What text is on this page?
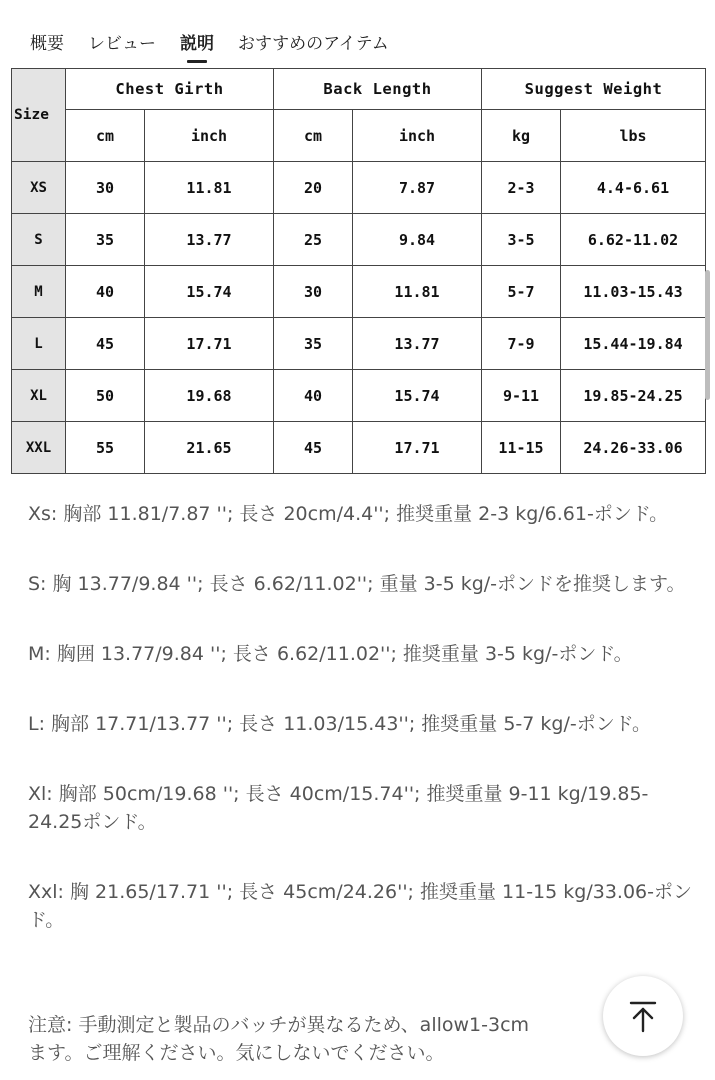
概要 レビュー 説明 おすすめのアイテム
Size	Chest Girth		Back Length		Suggest Weight	
	cm	inch	cm	inch	kg	lbs
XS	30	11.81	20	7.87	2-3	4.4-6.61
S	35	13.77	25	9.84	3-5	6.62-11.02
M	40	15.74	30	11.81	5-7	11.03-15.43
L	45	17.71	35	13.77	7-9	15.44-19.84
XL	50	19.68	40	15.74	9-11	19.85-24.25
XXL	55	21.65	45	17.71	11-15	24.26-33.06

Xs: 胸部 11.81/7.87 ''; 長さ 20cm/4.4''; 推奨重量 2-3 kg/6.61-ポンド。

S: 胸 13.77/9.84 ''; 長さ 6.62/11.02''; 重量 3-5 kg/-ポンドを推奨します。

M: 胸囲 13.77/9.84 ''; 長さ 6.62/11.02''; 推奨重量 3-5 kg/-ポンド。

L: 胸部 17.71/13.77 ''; 長さ 11.03/15.43''; 推奨重量 5-7 kg/-ポンド。

Xl: 胸部 50cm/19.68 ''; 長さ 40cm/15.74''; 推奨重量 9-11 kg/19.85-24.25ポンド。

Xxl: 胸 21.65/17.71 ''; 長さ 45cm/24.26''; 推奨重量 11-15 kg/33.06-ポンド。

注意: 手動測定と製品のバッチが異なるため、allow1-3cm
ます。ご理解ください。気にしないでください。
